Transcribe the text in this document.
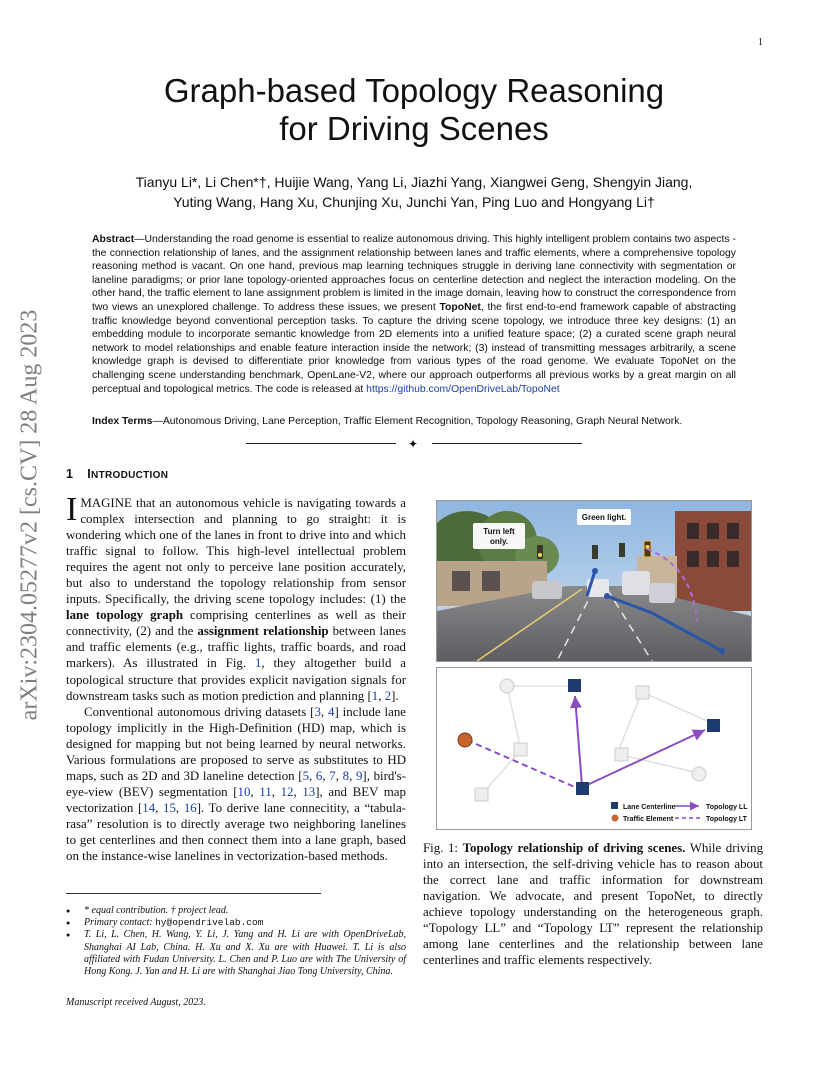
1
arXiv:2304.05277v2 [cs.CV] 28 Aug 2023
Graph-based Topology Reasoning
for Driving Scenes
Tianyu Li*, Li Chen*†, Huijie Wang, Yang Li, Jiazhi Yang, Xiangwei Geng, Shengyin Jiang,
Yuting Wang, Hang Xu, Chunjing Xu, Junchi Yan, Ping Luo and Hongyang Li†
Abstract—Understanding the road genome is essential to realize autonomous driving. This highly intelligent problem contains two aspects - the connection relationship of lanes, and the assignment relationship between lanes and traffic elements, where a comprehensive topology reasoning method is vacant. On one hand, previous map learning techniques struggle in deriving lane connectivity with segmentation or laneline paradigms; or prior lane topology-oriented approaches focus on centerline detection and neglect the interaction modeling. On the other hand, the traffic element to lane assignment problem is limited in the image domain, leaving how to construct the correspondence from two views an unexplored challenge. To address these issues, we present TopoNet, the first end-to-end framework capable of abstracting traffic knowledge beyond conventional perception tasks. To capture the driving scene topology, we introduce three key designs: (1) an embedding module to incorporate semantic knowledge from 2D elements into a unified feature space; (2) a curated scene graph neural network to model relationships and enable feature interaction inside the network; (3) instead of transmitting messages arbitrarily, a scene knowledge graph is devised to differentiate prior knowledge from various types of the road genome. We evaluate TopoNet on the challenging scene understanding benchmark, OpenLane-V2, where our approach outperforms all previous works by a great margin on all perceptual and topological metrics. The code is released at https://github.com/OpenDriveLab/TopoNet
Index Terms—Autonomous Driving, Lane Perception, Traffic Element Recognition, Topology Reasoning, Graph Neural Network.
✦
1 INTRODUCTION

IMAGINE that an autonomous vehicle is navigating towards a complex intersection and planning to go straight: it is wondering which one of the lanes in front to drive into and which traffic signal to follow. This high-level intellectual problem requires the agent not only to perceive lane position accurately, but also to understand the topology relationship from sensor inputs. Specifically, the driving scene topology includes: (1) the lane topology graph comprising centerlines as well as their connectivity, (2) and the assignment relationship between lanes and traffic elements (e.g., traffic lights, traffic boards, and road markers). As illustrated in Fig. 1, they altogether build a topological structure that provides explicit navigation signals for downstream tasks such as motion prediction and planning [1, 2].

Conventional autonomous driving datasets [3, 4] include lane topology implicitly in the High-Definition (HD) map, which is designed for mapping but not being learned by neural networks. Various formulations are proposed to serve as substitutes to HD maps, such as 2D and 3D laneline detection [5, 6, 7, 8, 9], bird's-eye-view (BEV) segmentation [10, 11, 12, 13], and BEV map vectorization [14, 15, 16]. To derive lane connecitity, a “tabula-rasa” resolution is to directly average two neighboring lanelines to get centerlines and then connect them into a lane graph, based on the instance-wise lanelines in vectorization-based methods.

● * equal contribution. † project lead.
● Primary contact: hy@opendrivelab.com
● T. Li, L. Chen, H. Wang, Y. Li, J. Yang and H. Li are with OpenDriveLab, Shanghai AI Lab, China. H. Xu and X. Xu are with Huawei. T. Li is also affiliated with Fudan University. L. Chen and P. Luo are with The University of Hong Kong. J. Yan and H. Li are with Shanghai Jiao Tong University, China.
Manuscript received August, 2023.
Turn left only.
Green light.
Lane Centerline
Traffic Element
Topology LL
Topology LT
Fig. 1: Topology relationship of driving scenes. While driving into an intersection, the self-driving vehicle has to reason about the correct lane and traffic information for downstream navigation. We advocate, and present TopoNet, to directly achieve topology understanding on the heterogeneous graph. “Topology LL” and “Topology LT” represent the relationship among lane centerlines and the relationship between lane centerlines and traffic elements respectively.
